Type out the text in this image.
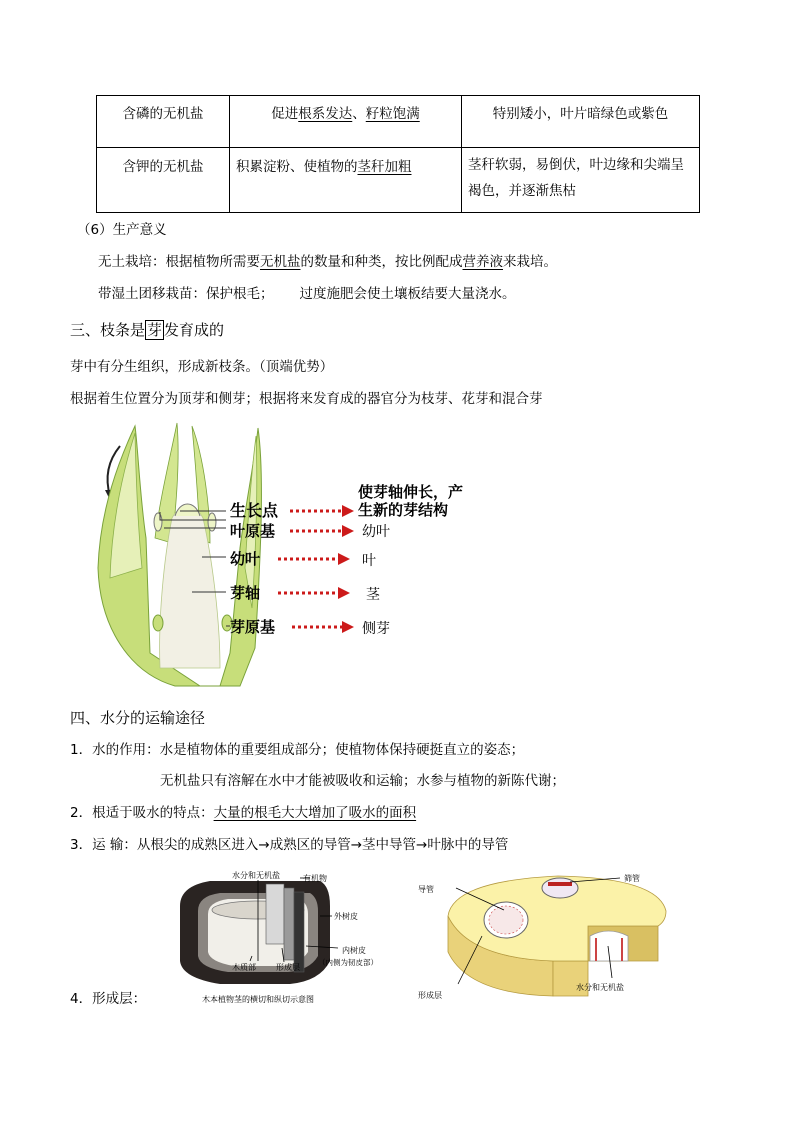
含磷的无机盐	促进根系发达、籽粒饱满	特别矮小，叶片暗绿色或紫色
含钾的无机盐	积累淀粉、使植物的茎秆加粗	茎秆软弱，易倒伏，叶边缘和尖端呈
褐色，并逐渐焦枯
（6）生产意义
无土栽培：根据植物所需要无机盐的数量和种类，按比例配成营养液来栽培。
带湿土团移栽苗：保护根毛； 过度施肥会使土壤板结要大量浇水。
三、枝条是 芽 发育成的
芽中有分生组织，形成新枝条。（顶端优势）
根据着生位置分为顶芽和侧芽；根据将来发育成的器官分为枝芽、花芽和混合芽
生长点
叶原基
幼叶
芽轴
芽原基
使芽轴伸长，产
生新的芽结构
幼叶
叶
茎
侧芽
四、水分的运输途径
1．水的作用：水是植物体的重要组成部分；使植物体保持硬挺直立的姿态；
无机盐只有溶解在水中才能被吸收和运输；水参与植物的新陈代谢；
2．根适于吸水的特点：大量的根毛大大增加了吸水的面积
3．运 输：从根尖的成熟区进入→成熟区的导管→茎中导管→叶脉中的导管
4．形成层：
水分和无机盐	有机物
外树皮
内树皮
（内侧为韧皮部）
木质部	形成层
木本植物茎的横切和纵切示意图
导管
筛管
形成层
水分和无机盐
